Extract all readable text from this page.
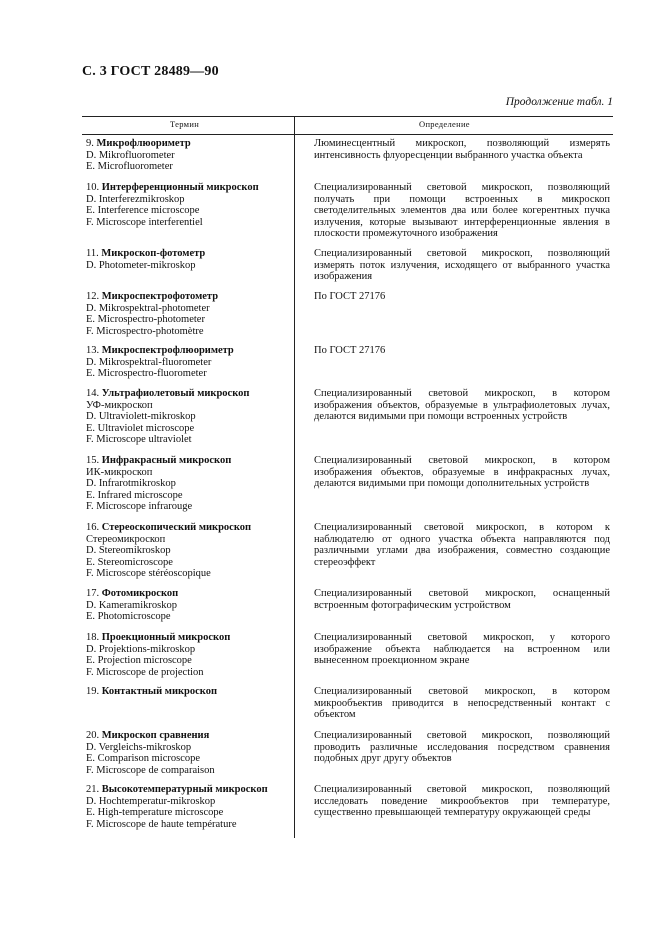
С. 3 ГОСТ 28489—90
Продолжение табл. 1
Термин	Определение
9. Микрофлюориметр
D. Mikrofluorometer
E. Microfluorometer
Люминесцентный микроскоп, позволяющий измерять интенсивность флуоресценции выбранного участка объекта
10. Интерференционный микроскоп
D. Interferezmikroskop
E. Interference microscope
F. Microscope interferentiel
Специализированный световой микроскоп, позволяющий получать при помощи встроенных в микроскоп светоделительных элементов два или более когерентных пучка излучения, которые вызывают интерференционные явления в плоскости промежуточного изображения
11. Микроскоп-фотометр
D. Photometer-mikroskop
Специализированный световой микроскоп, позволяющий измерять поток излучения, исходящего от выбранного участка изображения
12. Микроспектрофотометр
D. Mikrospektral-photometer
E. Microspectro-photometer
F. Microspectro-photomètre
По ГОСТ 27176
13. Микроспектрофлюориметр
D. Mikrospektral-fluorometer
E. Microspectro-fluorometer
По ГОСТ 27176
14. Ультрафиолетовый микроскоп
УФ-микроскоп
D. Ultraviolett-mikroskop
E. Ultraviolet microscope
F. Microscope ultraviolet
Специализированный световой микроскоп, в котором изображения объектов, образуемые в ультрафиолетовых лучах, делаются видимыми при помощи встроенных устройств
15. Инфракрасный микроскоп
ИК-микроскоп
D. Infrarotmikroskop
E. Infrared microscope
F. Microscope infrarouge
Специализированный световой микроскоп, в котором изображения объектов, образуемые в инфракрасных лучах, делаются видимыми при помощи дополнительных устройств
16. Стереоскопический микроскоп
Стереомикроскоп
D. Stereomikroskop
E. Stereomicroscope
F. Microscope stéréoscopique
Специализированный световой микроскоп, в котором к наблюдателю от одного участка объекта направляются под различными углами два изображения, совместно создающие стереоэффект
17. Фотомикроскоп
D. Kameramikroskop
E. Photomicroscope
Специализированный световой микроскоп, оснащенный встроенным фотографическим устройством
18. Проекционный микроскоп
D. Projektions-mikroskop
E. Projection microscope
F. Microscope de projection
Специализированный световой микроскоп, у которого изображение объекта наблюдается на встроенном или вынесенном проекционном экране
19. Контактный микроскоп	Специализированный световой микроскоп, в котором микрообъектив приводится в непосредственный контакт с объектом
20. Микроскоп сравнения
D. Vergleichs-mikroskop
E. Comparison microscope
F. Microscope de comparaison
Специализированный световой микроскоп, позволяющий проводить различные исследования посредством сравнения подобных друг другу объектов
21. Высокотемпературный микроскоп
D. Hochtemperatur-mikroskop
E. High-temperature microscope
F. Microscope de haute température
Специализированный световой микроскоп, позволяющий исследовать поведение микрообъектов при температуре, существенно превышающей температуру окружающей среды
